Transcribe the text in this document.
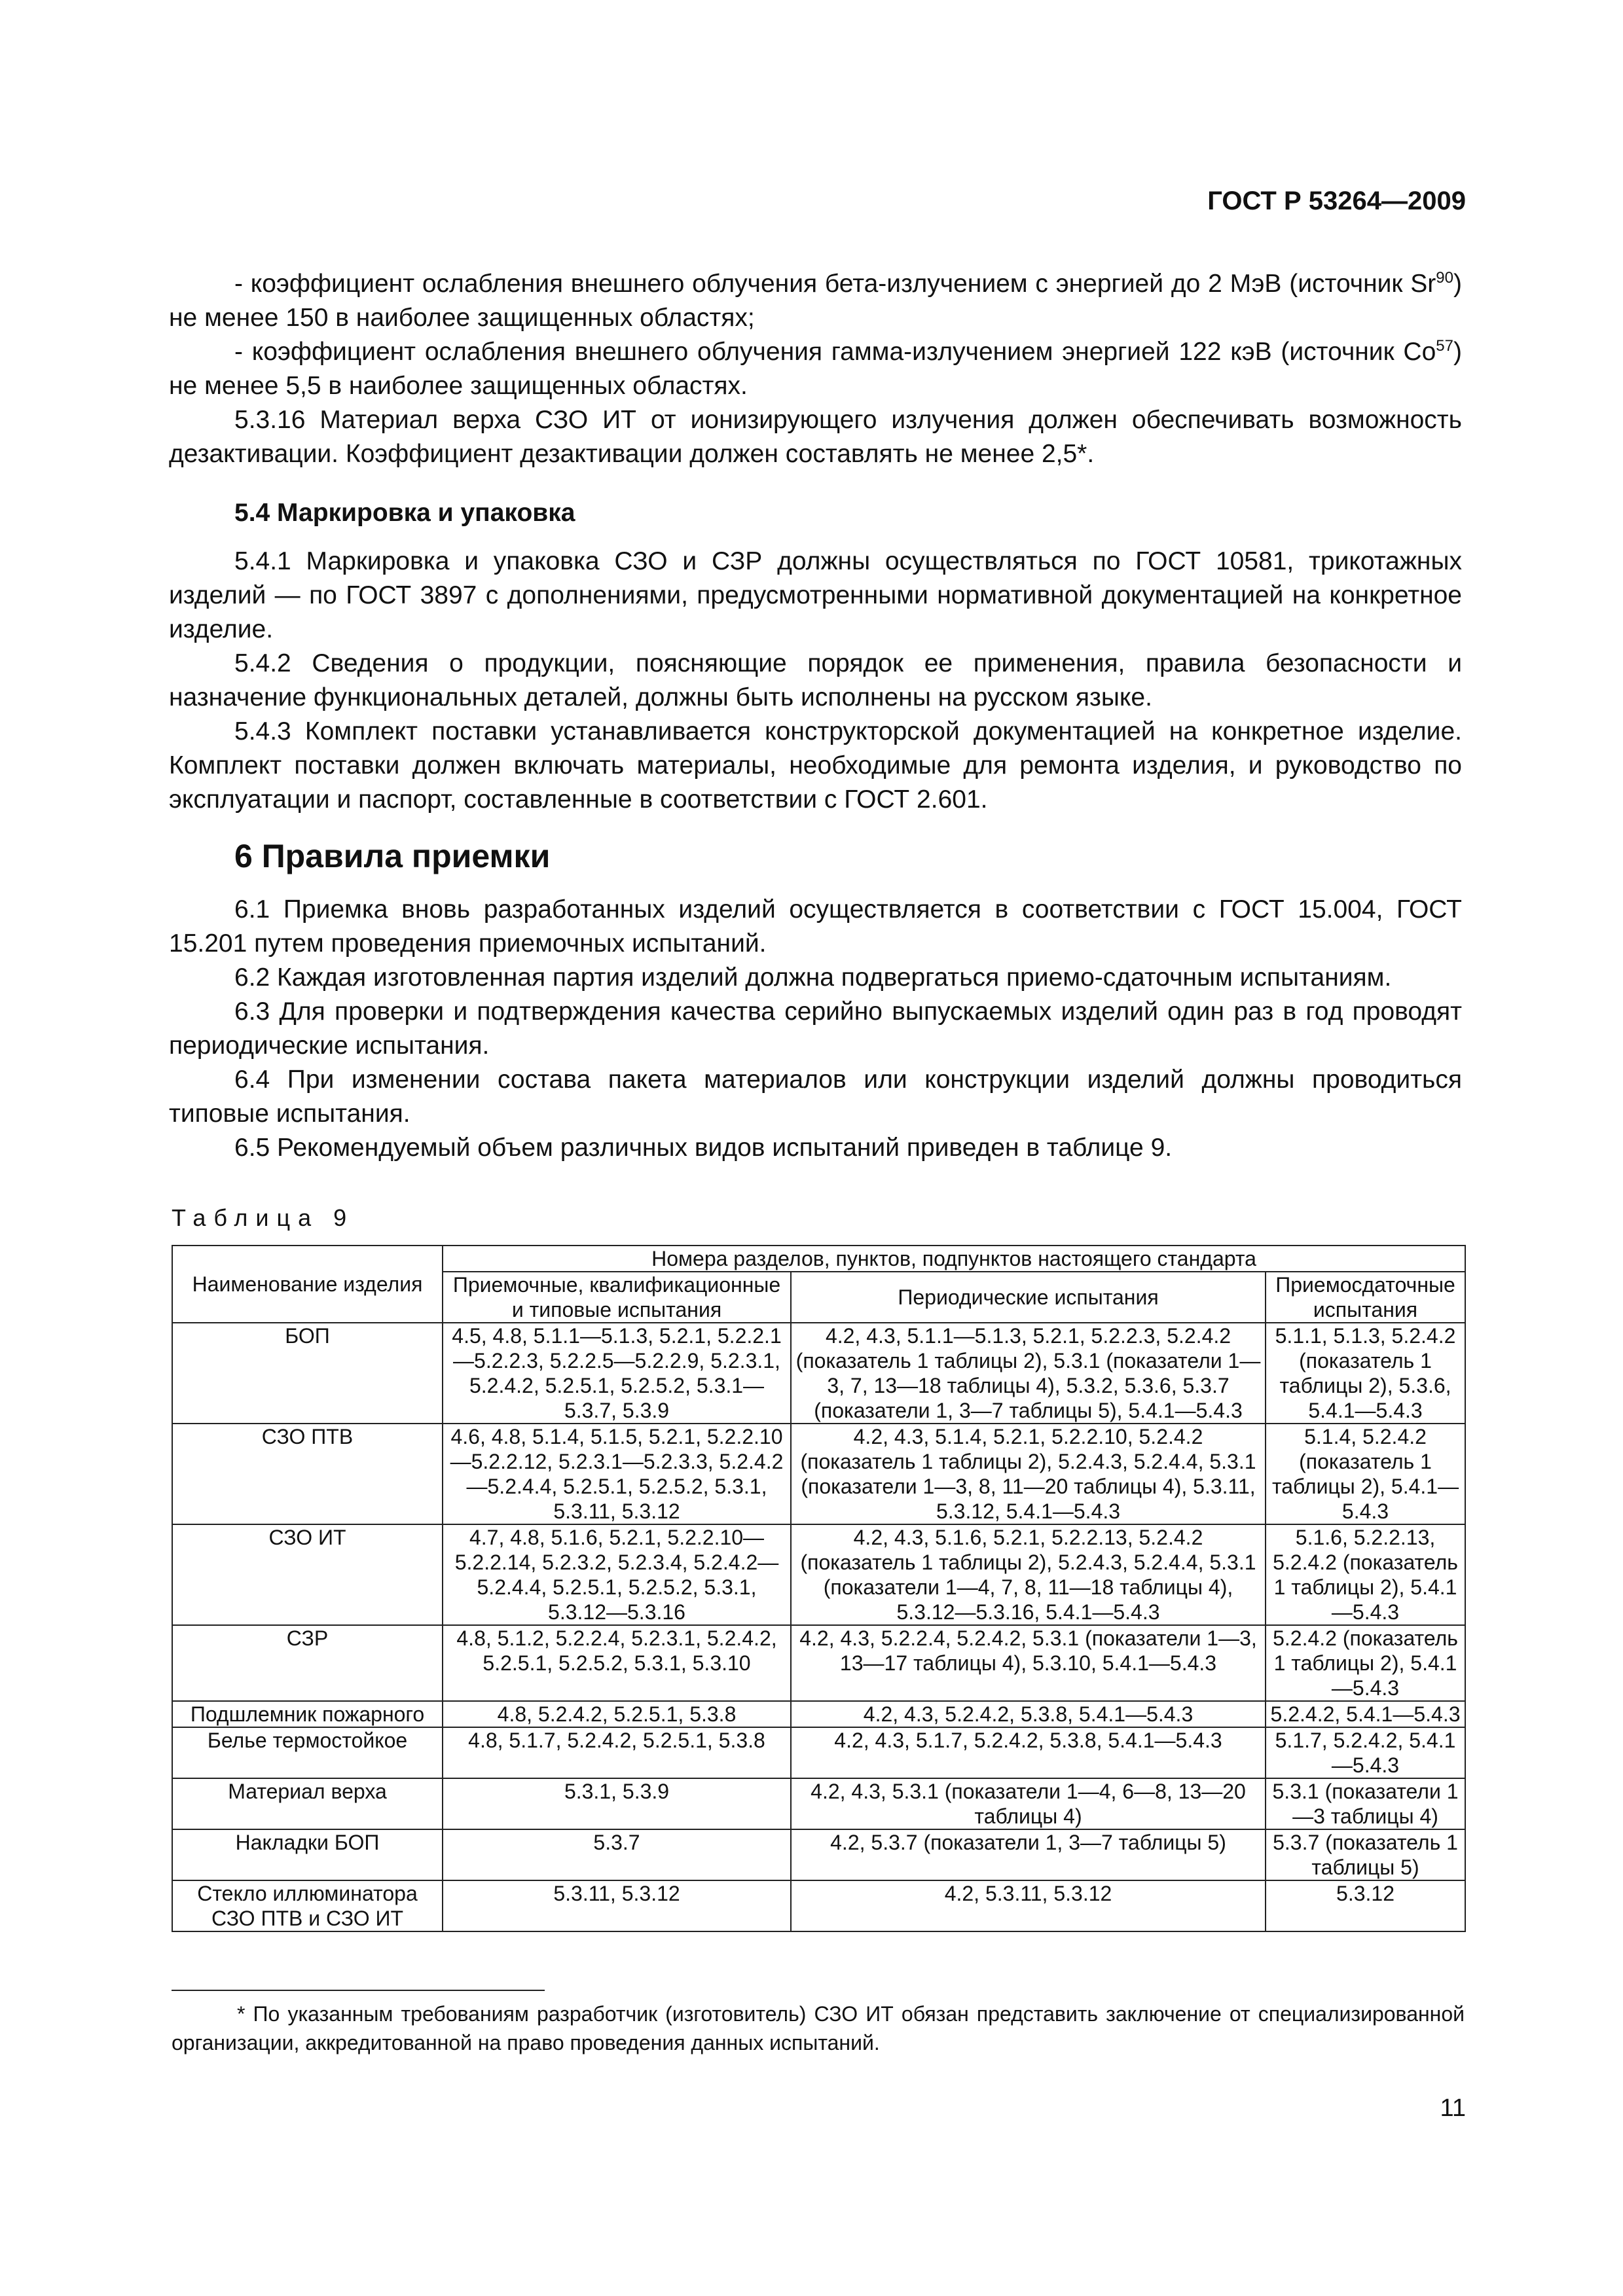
ГОСТ Р 53264—2009

- коэффициент ослабления внешнего облучения бета-излучением с энергией до 2 МэВ (источник Sr$^{90}$) не менее 150 в наиболее защищенных областях;

- коэффициент ослабления внешнего облучения гамма-излучением энергией 122 кэВ (источник Co$^{57}$) не менее 5,5 в наиболее защищенных областях.

5.3.16 Материал верха СЗО ИТ от ионизирующего излучения должен обеспечивать возможность дезактивации. Коэффициент дезактивации должен составлять не менее 2,5*.

5.4 Маркировка и упаковка

5.4.1 Маркировка и упаковка СЗО и СЗР должны осуществляться по ГОСТ 10581, трикотажных изделий — по ГОСТ 3897 с дополнениями, предусмотренными нормативной документацией на конкретное изделие.

5.4.2 Сведения о продукции, поясняющие порядок ее применения, правила безопасности и назначение функциональных деталей, должны быть исполнены на русском языке.

5.4.3 Комплект поставки устанавливается конструкторской документацией на конкретное изделие. Комплект поставки должен включать материалы, необходимые для ремонта изделия, и руководство по эксплуатации и паспорт, составленные в соответствии с ГОСТ 2.601.

6 Правила приемки

6.1 Приемка вновь разработанных изделий осуществляется в соответствии с ГОСТ 15.004, ГОСТ 15.201 путем проведения приемочных испытаний.

6.2 Каждая изготовленная партия изделий должна подвергаться приемо-сдаточным испытаниям.

6.3 Для проверки и подтверждения качества серийно выпускаемых изделий один раз в год проводят периодические испытания.

6.4 При изменении состава пакета материалов или конструкции изделий должны проводиться типовые испытания.

6.5 Рекомендуемый объем различных видов испытаний приведен в таблице 9.

Таблица 9
Наименование изделия	Номера разделов, пунктов, подпунктов настоящего стандарта		
	Приемочные, квалификационные и типовые испытания	Периодические испытания	Приемосдаточные испытания
БОП	4.5, 4.8, 5.1.1—5.1.3, 5.2.1, 5.2.2.1—5.2.2.3, 5.2.2.5—5.2.2.9, 5.2.3.1, 5.2.4.2, 5.2.5.1, 5.2.5.2, 5.3.1—5.3.7, 5.3.9	4.2, 4.3, 5.1.1—5.1.3, 5.2.1, 5.2.2.3, 5.2.4.2 (показатель 1 таблицы 2), 5.3.1 (показатели 1—3, 7, 13—18 таблицы 4), 5.3.2, 5.3.6, 5.3.7 (показатели 1, 3—7 таблицы 5), 5.4.1—5.4.3	5.1.1, 5.1.3, 5.2.4.2 (показатель 1 таблицы 2), 5.3.6, 5.4.1—5.4.3
СЗО ПТВ	4.6, 4.8, 5.1.4, 5.1.5, 5.2.1, 5.2.2.10—5.2.2.12, 5.2.3.1—5.2.3.3, 5.2.4.2—5.2.4.4, 5.2.5.1, 5.2.5.2, 5.3.1, 5.3.11, 5.3.12	4.2, 4.3, 5.1.4, 5.2.1, 5.2.2.10, 5.2.4.2 (показатель 1 таблицы 2), 5.2.4.3, 5.2.4.4, 5.3.1 (показатели 1—3, 8, 11—20 таблицы 4), 5.3.11, 5.3.12, 5.4.1—5.4.3	5.1.4, 5.2.4.2 (показатель 1 таблицы 2), 5.4.1—5.4.3
СЗО ИТ	4.7, 4.8, 5.1.6, 5.2.1, 5.2.2.10—5.2.2.14, 5.2.3.2, 5.2.3.4, 5.2.4.2—5.2.4.4, 5.2.5.1, 5.2.5.2, 5.3.1, 5.3.12—5.3.16	4.2, 4.3, 5.1.6, 5.2.1, 5.2.2.13, 5.2.4.2 (показатель 1 таблицы 2), 5.2.4.3, 5.2.4.4, 5.3.1 (показатели 1—4, 7, 8, 11—18 таблицы 4), 5.3.12—5.3.16, 5.4.1—5.4.3	5.1.6, 5.2.2.13, 5.2.4.2 (показатель 1 таблицы 2), 5.4.1—5.4.3
СЗР	4.8, 5.1.2, 5.2.2.4, 5.2.3.1, 5.2.4.2, 5.2.5.1, 5.2.5.2, 5.3.1, 5.3.10	4.2, 4.3, 5.2.2.4, 5.2.4.2, 5.3.1 (показатели 1—3, 13—17 таблицы 4), 5.3.10, 5.4.1—5.4.3	5.2.4.2 (показатель 1 таблицы 2), 5.4.1—5.4.3
Подшлемник пожарного	4.8, 5.2.4.2, 5.2.5.1, 5.3.8	4.2, 4.3, 5.2.4.2, 5.3.8, 5.4.1—5.4.3	5.2.4.2, 5.4.1—5.4.3
Белье термостойкое	4.8, 5.1.7, 5.2.4.2, 5.2.5.1, 5.3.8	4.2, 4.3, 5.1.7, 5.2.4.2, 5.3.8, 5.4.1—5.4.3	5.1.7, 5.2.4.2, 5.4.1—5.4.3
Материал верха	5.3.1, 5.3.9	4.2, 4.3, 5.3.1 (показатели 1—4, 6—8, 13—20 таблицы 4)	5.3.1 (показатели 1—3 таблицы 4)
Накладки БОП	5.3.7	4.2, 5.3.7 (показатели 1, 3—7 таблицы 5)	5.3.7 (показатель 1 таблицы 5)
Стекло иллюминатора СЗО ПТВ и СЗО ИТ	5.3.11, 5.3.12	4.2, 5.3.11, 5.3.12	5.3.12
* По указанным требованиям разработчик (изготовитель) СЗО ИТ обязан представить заключение от специализированной организации, аккредитованной на право проведения данных испытаний.
11
